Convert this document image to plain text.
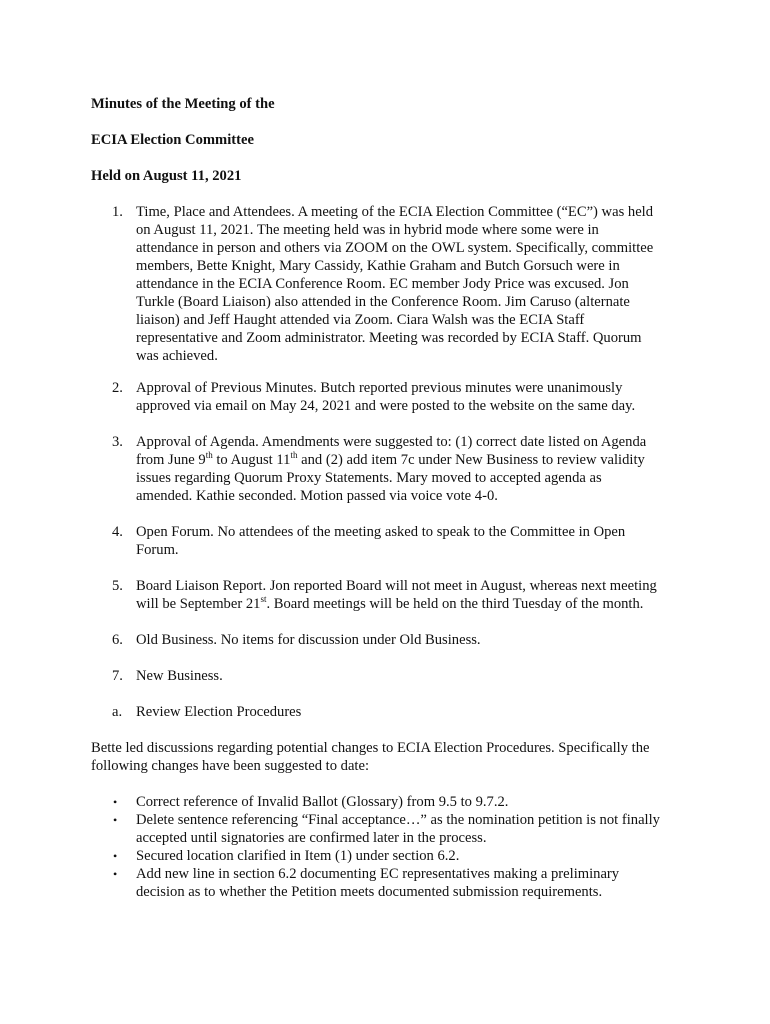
Minutes of the Meeting of the
ECIA Election Committee
Held on August 11, 2021
1. Time, Place and Attendees. A meeting of the ECIA Election Committee (“EC”) was held
on August 11, 2021. The meeting held was in hybrid mode where some were in
attendance in person and others via ZOOM on the OWL system. Specifically, committee
members, Bette Knight, Mary Cassidy, Kathie Graham and Butch Gorsuch were in
attendance in the ECIA Conference Room. EC member Jody Price was excused. Jon
Turkle (Board Liaison) also attended in the Conference Room. Jim Caruso (alternate
liaison) and Jeff Haught attended via Zoom. Ciara Walsh was the ECIA Staff
representative and Zoom administrator. Meeting was recorded by ECIA Staff. Quorum
was achieved.
2. Approval of Previous Minutes. Butch reported previous minutes were unanimously
approved via email on May 24, 2021 and were posted to the website on the same day.
3. Approval of Agenda. Amendments were suggested to: (1) correct date listed on Agenda
from June 9th to August 11th and (2) add item 7c under New Business to review validity
issues regarding Quorum Proxy Statements. Mary moved to accepted agenda as
amended. Kathie seconded. Motion passed via voice vote 4-0.
4. Open Forum. No attendees of the meeting asked to speak to the Committee in Open
Forum.
5. Board Liaison Report. Jon reported Board will not meet in August, whereas next meeting
will be September 21st. Board meetings will be held on the third Tuesday of the month.
6. Old Business. No items for discussion under Old Business.
7. New Business.
a. Review Election Procedures
Bette led discussions regarding potential changes to ECIA Election Procedures. Specifically the
following changes have been suggested to date:
• Correct reference of Invalid Ballot (Glossary) from 9.5 to 9.7.2.
• Delete sentence referencing “Final acceptance…” as the nomination petition is not finally
accepted until signatories are confirmed later in the process.
• Secured location clarified in Item (1) under section 6.2.
• Add new line in section 6.2 documenting EC representatives making a preliminary
decision as to whether the Petition meets documented submission requirements.
